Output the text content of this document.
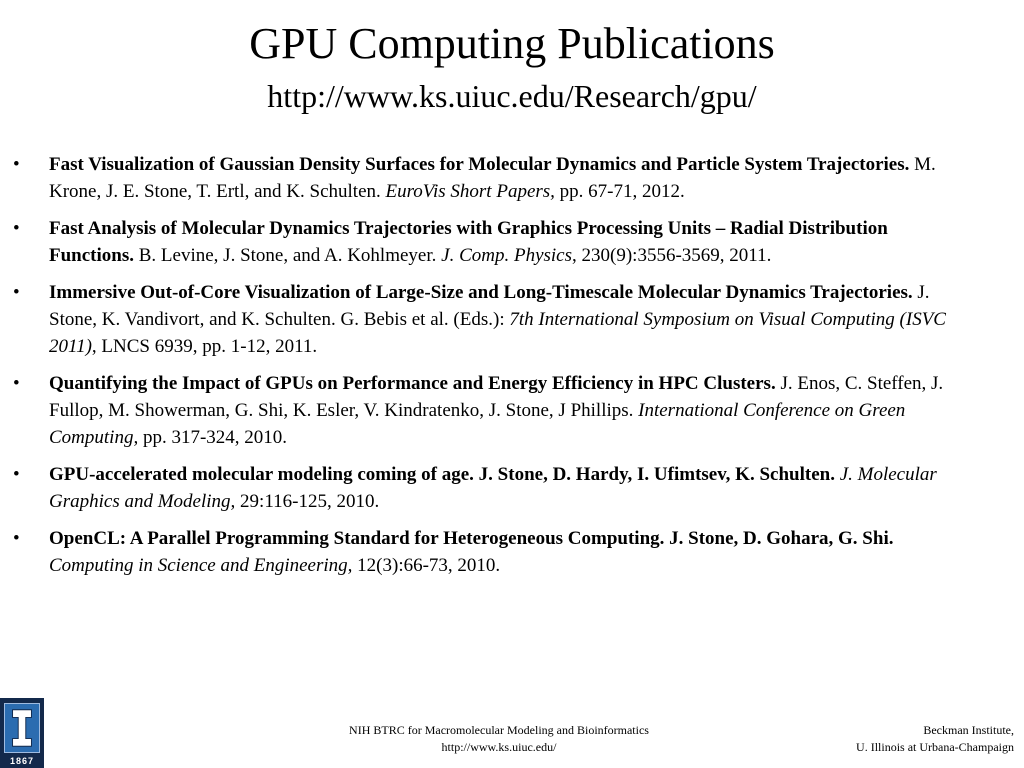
GPU Computing Publications
http://www.ks.uiuc.edu/Research/gpu/
• Fast Visualization of Gaussian Density Surfaces for Molecular Dynamics and Particle System Trajectories. M. Krone, J. E. Stone, T. Ertl, and K. Schulten. EuroVis Short Papers, pp. 67-71, 2012.
• Fast Analysis of Molecular Dynamics Trajectories with Graphics Processing Units – Radial Distribution Functions. B. Levine, J. Stone, and A. Kohlmeyer. J. Comp. Physics, 230(9):3556-3569, 2011.
• Immersive Out-of-Core Visualization of Large-Size and Long-Timescale Molecular Dynamics Trajectories. J. Stone, K. Vandivort, and K. Schulten. G. Bebis et al. (Eds.): 7th International Symposium on Visual Computing (ISVC 2011), LNCS 6939, pp. 1-12, 2011.
• Quantifying the Impact of GPUs on Performance and Energy Efficiency in HPC Clusters. J. Enos, C. Steffen, J. Fullop, M. Showerman, G. Shi, K. Esler, V. Kindratenko, J. Stone, J Phillips. International Conference on Green Computing, pp. 317-324, 2010.
• GPU-accelerated molecular modeling coming of age. J. Stone, D. Hardy, I. Ufimtsev, K. Schulten. J. Molecular Graphics and Modeling, 29:116-125, 2010.
• OpenCL: A Parallel Programming Standard for Heterogeneous Computing. J. Stone, D. Gohara, G. Shi. Computing in Science and Engineering, 12(3):66-73, 2010.
1867
NIH BTRC for Macromolecular Modeling and Bioinformatics
http://www.ks.uiuc.edu/
Beckman Institute,
U. Illinois at Urbana-Champaign
